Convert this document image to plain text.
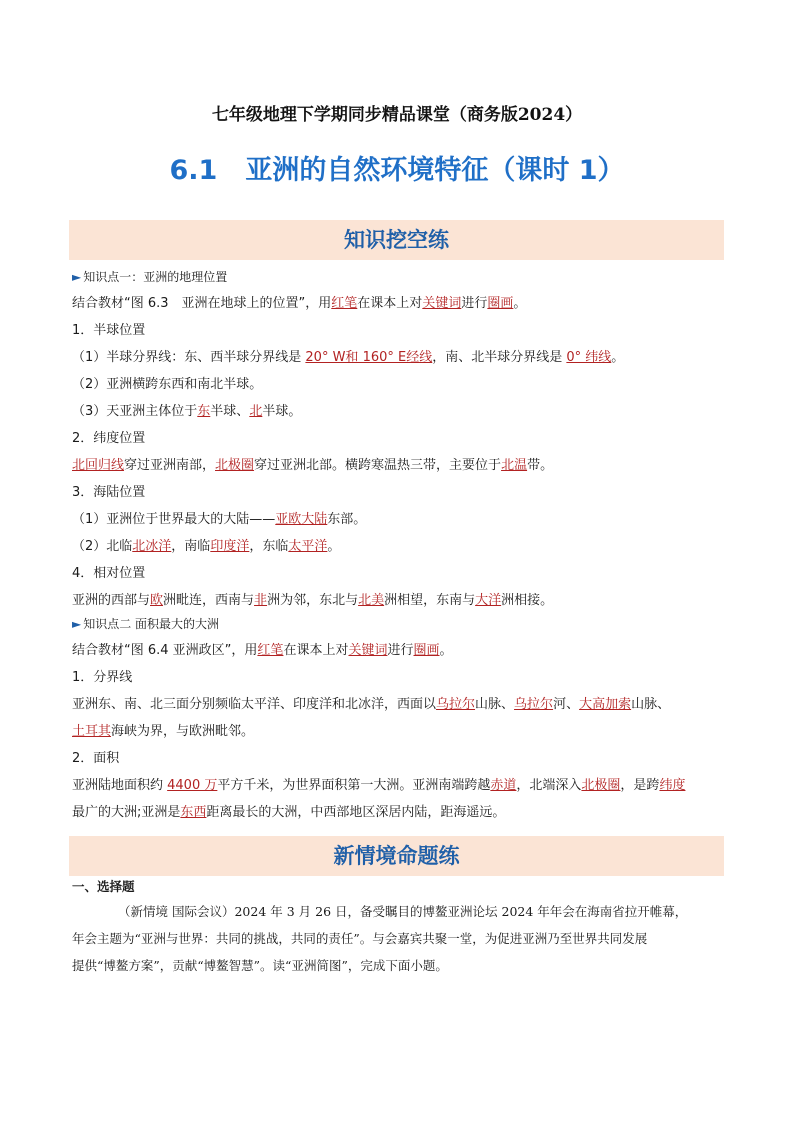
七年级地理下学期同步精品课堂（商务版2024）
6.1 亚洲的自然环境特征（课时 1）
知识挖空练
► 知识点一：亚洲的地理位置
结合教材“图 6.3　亚洲在地球上的位置”，用红笔在课本上对关键词进行圈画。
1．半球位置
（1）半球分界线：东、西半球分界线是 20° W和 160° E经线，南、北半球分界线是 0° 纬线。
（2）亚洲横跨东西和南北半球。
（3）天亚洲主体位于东半球、北半球。
2．纬度位置
北回归线穿过亚洲南部，北极圈穿过亚洲北部。横跨寒温热三带，主要位于北温带。
3．海陆位置
（1）亚洲位于世界最大的大陆——亚欧大陆东部。
（2）北临北冰洋，南临印度洋，东临太平洋。
4．相对位置
亚洲的西部与欧洲毗连，西南与非洲为邻，东北与北美洲相望，东南与大洋洲相接。
► 知识点二 面积最大的大洲
结合教材“图 6.4 亚洲政区”，用红笔在课本上对关键词进行圈画。
1．分界线
亚洲东、南、北三面分别频临太平洋、印度洋和北冰洋，西面以乌拉尔山脉、乌拉尔河、大高加索山脉、
土耳其海峡为界，与欧洲毗邻。
2．面积
亚洲陆地面积约 4400 万平方千米，为世界面积第一大洲。亚洲南端跨越赤道，北端深入北极圈，是跨纬度
最广的大洲;亚洲是东西距离最长的大洲，中西部地区深居内陆，距海遥远。
新情境命题练
一、选择题
（新情境 国际会议）2024 年 3 月 26 日，备受瞩目的博鳌亚洲论坛 2024 年年会在海南省拉开帷幕，
年会主题为“亚洲与世界：共同的挑战，共同的责任”。与会嘉宾共聚一堂，为促进亚洲乃至世界共同发展
提供“博鳌方案”，贡献“博鳌智慧”。读“亚洲简图”，完成下面小题。
